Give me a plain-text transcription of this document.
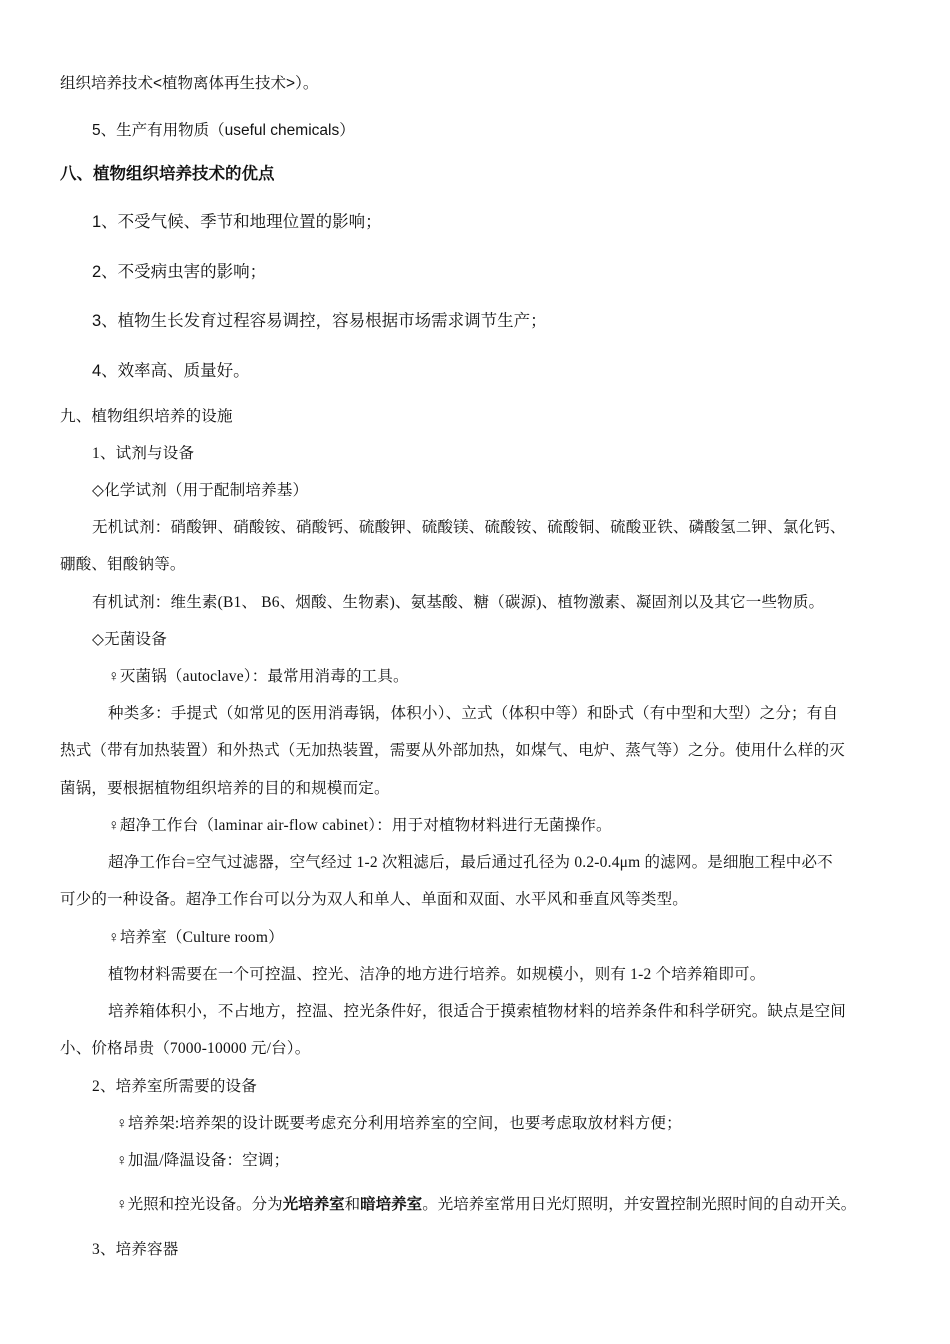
组织培养技术<植物离体再生技术>）。

5、生产有用物质（useful chemicals）

八、植物组织培养技术的优点

1、不受气候、季节和地理位置的影响；

2、不受病虫害的影响；

3、植物生长发育过程容易调控，容易根据市场需求调节生产；

4、效率高、质量好。

九、植物组织培养的设施

1、试剂与设备

◇化学试剂（用于配制培养基）

无机试剂：硝酸钾、硝酸铵、硝酸钙、硫酸钾、硫酸镁、硫酸铵、硫酸铜、硫酸亚铁、磷酸氢二钾、氯化钙、

硼酸、钼酸钠等。

有机试剂：维生素(B1、 B6、烟酸、生物素)、氨基酸、糖（碳源)、植物激素、凝固剂以及其它一些物质。

◇无菌设备

♀灭菌锅（autoclave）：最常用消毒的工具。

种类多：手提式（如常见的医用消毒锅，体积小）、立式（体积中等）和卧式（有中型和大型）之分；有自

热式（带有加热装置）和外热式（无加热装置，需要从外部加热，如煤气、电炉、蒸气等）之分。使用什么样的灭

菌锅，要根据植物组织培养的目的和规模而定。

♀超净工作台（laminar air-flow cabinet）：用于对植物材料进行无菌操作。

超净工作台=空气过滤器，空气经过 1-2 次粗滤后，最后通过孔径为 0.2-0.4μm 的滤网。是细胞工程中必不

可少的一种设备。超净工作台可以分为双人和单人、单面和双面、水平风和垂直风等类型。

♀培养室（Culture room）

植物材料需要在一个可控温、控光、洁净的地方进行培养。如规模小，则有 1-2 个培养箱即可。

培养箱体积小，不占地方，控温、控光条件好，很适合于摸索植物材料的培养条件和科学研究。缺点是空间

小、价格昂贵（7000-10000 元/台）。

2、培养室所需要的设备

♀培养架:培养架的设计既要考虑充分利用培养室的空间，也要考虑取放材料方便；

♀加温/降温设备：空调；

♀光照和控光设备。分为光培养室和暗培养室。光培养室常用日光灯照明，并安置控制光照时间的自动开关。

3、培养容器
